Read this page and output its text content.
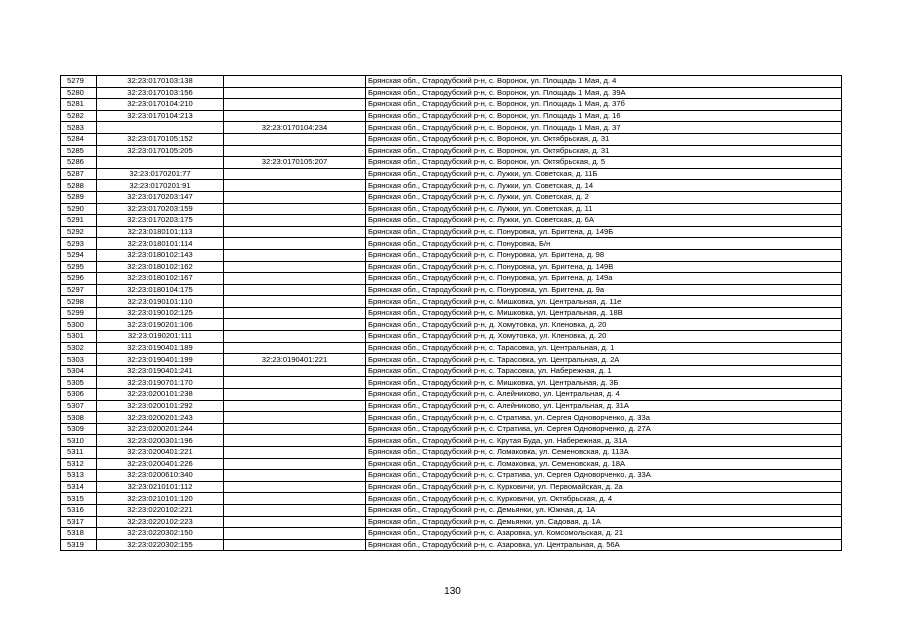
5279	32:23:0170103:138		Брянская обл., Стародубский р-н, с. Воронок, ул. Площадь 1 Мая, д. 4
5280	32:23:0170103:156		Брянская обл., Стародубский р-н, с. Воронок, ул. Площадь 1 Мая, д. 39А
5281	32:23:0170104:210		Брянская обл., Стародубский р-н, с. Воронок, ул. Площадь 1 Мая, д. 37б
5282	32:23:0170104:213		Брянская обл., Стародубский р-н, с. Воронок, ул. Площадь 1 Мая, д. 16
5283		32:23:0170104:234	Брянская обл., Стародубский р-н, с. Воронок, ул. Площадь 1 Мая, д. 37
5284	32:23:0170105:152		Брянская обл., Стародубский р-н, с. Воронок, ул. Октябрьская, д. 31
5285	32:23:0170105:205		Брянская обл., Стародубский р-н, с. Воронок, ул. Октябрьская, д. 31
5286		32:23:0170105:207	Брянская обл., Стародубский р-н, с. Воронок, ул. Октябрьская, д. 5
5287	32:23:0170201:77		Брянская обл., Стародубский р-н, с. Лужки, ул. Советская, д. 11Б
5288	32:23:0170201:91		Брянская обл., Стародубский р-н, с. Лужки, ул. Советская, д. 14
5289	32:23:0170203:147		Брянская обл., Стародубский р-н, с. Лужки, ул. Советская, д. 2
5290	32:23:0170203:159		Брянская обл., Стародубский р-н, с. Лужки, ул. Советская, д. 11
5291	32:23:0170203:175		Брянская обл., Стародубский р-н, с. Лужки, ул. Советская, д. 6А
5292	32:23:0180101:113		Брянская обл., Стародубский р-н, с. Понуровка, ул. Бриггена, д. 149Б
5293	32:23:0180101:114		Брянская обл., Стародубский р-н, с. Понуровка, Б/н
5294	32:23:0180102:143		Брянская обл., Стародубский р-н, с. Понуровка, ул. Бриггена, д. 98
5295	32:23:0180102:162		Брянская обл., Стародубский р-н, с. Понуровка, ул. Бриггена, д. 149В
5296	32:23:0180102:167		Брянская обл., Стародубский р-н, с. Понуровка, ул. Бриггена, д. 149а
5297	32:23:0180104:175		Брянская обл., Стародубский р-н, с. Понуровка, ул. Бриггена, д. 9а
5298	32:23:0190101:110		Брянская обл., Стародубский р-н, с. Мишковка, ул. Центральная, д. 11е
5299	32:23:0190102:125		Брянская обл., Стародубский р-н, с. Мишковка, ул. Центральная, д. 18В
5300	32:23:0190201:106		Брянская обл., Стародубский р-н, д. Хомутовка, ул. Кленовка, д. 20
5301	32:23:0190201:111		Брянская обл., Стародубский р-н, д. Хомутовка, ул. Кленовка, д. 20
5302	32:23:0190401:189		Брянская обл., Стародубский р-н, с. Тарасовка, ул. Центральная, д. 1
5303	32:23:0190401:199	32:23:0190401:221	Брянская обл., Стародубский р-н, с. Тарасовка, ул. Центральная, д. 2А
5304	32:23:0190401:241		Брянская обл., Стародубский р-н, с. Тарасовка, ул. Набережная, д. 1
5305	32:23:0190701:170		Брянская обл., Стародубский р-н, с. Мишковка, ул. Центральная, д. 3Б
5306	32:23:0200101:238		Брянская обл., Стародубский р-н, с. Алейниково, ул. Центральная, д. 4
5307	32:23:0200101:292		Брянская обл., Стародубский р-н, с. Алейниково, ул. Центральная, д. 31А
5308	32:23:0200201:243		Брянская обл., Стародубский р-н, с. Стратива, ул. Сергея Одноворченко, д. 33а
5309	32:23:0200201:244		Брянская обл., Стародубский р-н, с. Стратива, ул. Сергея Одноворченко, д. 27А
5310	32:23:0200301:196		Брянская обл., Стародубский р-н, с. Крутая Буда, ул. Набережная, д. 31А
5311	32:23:0200401:221		Брянская обл., Стародубский р-н, с. Ломаковка, ул. Семеновская, д. 113А
5312	32:23:0200401:226		Брянская обл., Стародубский р-н, с. Ломаковка, ул. Семеновская, д. 18А
5313	32:23:0200610:340		Брянская обл., Стародубский р-н, с. Стратива, ул. Сергея Одноворченко, д. 33А
5314	32:23:0210101:112		Брянская обл., Стародубский р-н, с. Курковичи, ул. Первомайская, д. 2а
5315	32:23:0210101:120		Брянская обл., Стародубский р-н, с. Курковичи, ул. Октябрьская, д. 4
5316	32:23:0220102:221		Брянская обл., Стародубский р-н, с. Демьянки, ул. Южная, д. 1А
5317	32:23:0220102:223		Брянская обл., Стародубский р-н, с. Демьянки, ул. Садовая, д. 1А
5318	32:23:0220302:150		Брянская обл., Стародубский р-н, с. Азаровка, ул. Комсомольская, д. 21
5319	32:23:0220302:155		Брянская обл., Стародубский р-н, с. Азаровка, ул. Центральная, д. 56А
130
